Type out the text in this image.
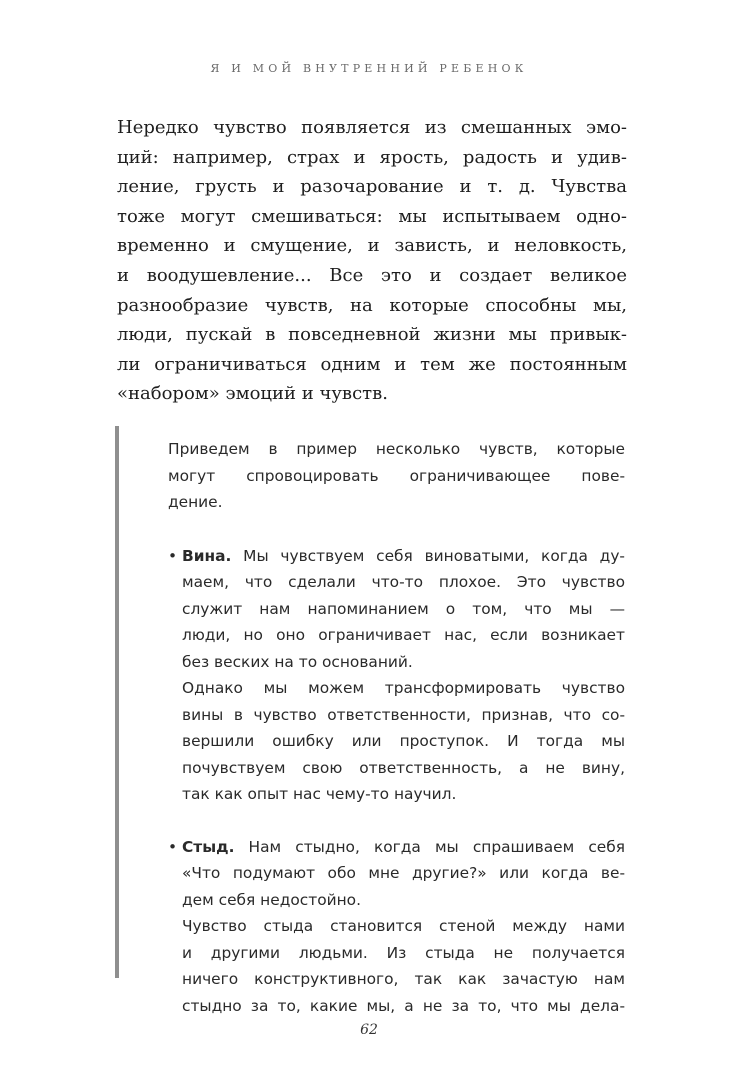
Я И МОЙ ВНУТРЕННИЙ РЕБЕНОК
Нередко чувство появляется из смешанных эмо-
ций: например, страх и ярость, радость и удив-
ление, грусть и разочарование и т. д. Чувства
тоже могут смешиваться: мы испытываем одно-
временно и смущение, и зависть, и неловкость,
и воодушевление... Все это и создает великое
разнообразие чувств, на которые способны мы,
люди, пускай в повседневной жизни мы привык-
ли ограничиваться одним и тем же постоянным
«набором» эмоций и чувств.
Приведем в пример несколько чувств, которые
могут спровоцировать ограничивающее пове-
дение.
• Вина. Мы чувствуем себя виноватыми, когда ду-
маем, что сделали что-то плохое. Это чувство
служит нам напоминанием о том, что мы —
люди, но оно ограничивает нас, если возникает
без веских на то оснований.
Однако мы можем трансформировать чувство
вины в чувство ответственности, признав, что со-
вершили ошибку или проступок. И тогда мы
почувствуем свою ответственность, а не вину,
так как опыт нас чему-то научил.
• Стыд. Нам стыдно, когда мы спрашиваем себя
«Что подумают обо мне другие?» или когда ве-
дем себя недостойно.
Чувство стыда становится стеной между нами
и другими людьми. Из стыда не получается
ничего конструктивного, так как зачастую нам
стыдно за то, какие мы, а не за то, что мы дела-
62
